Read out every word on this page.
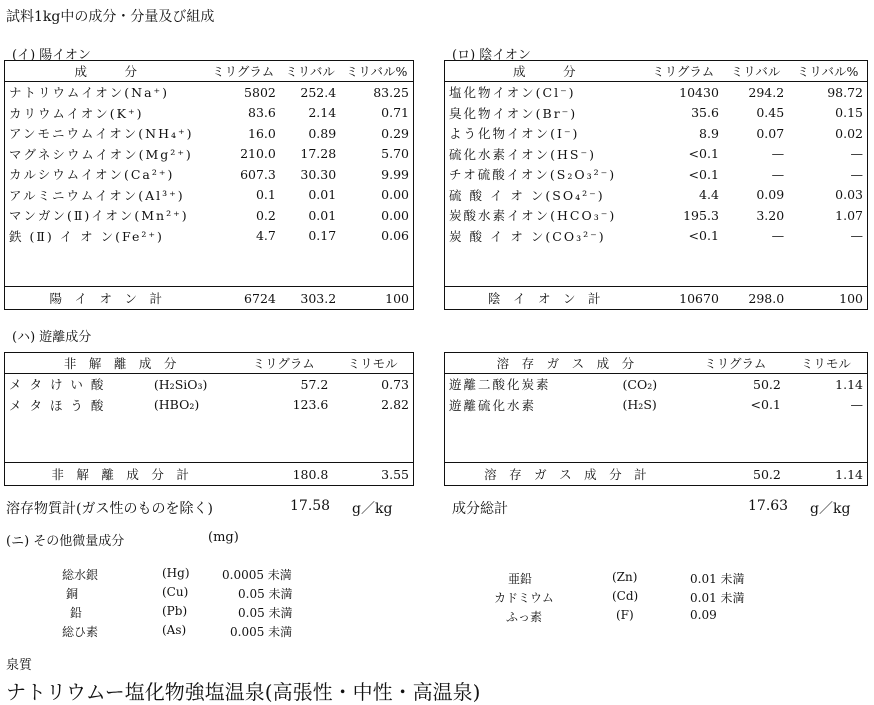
試料1kg中の成分・分量及び組成
(イ) 陽イオン
成　　　分	ミリグラム	ミリバル	ミリバル%
ナトリウムイオン(Na⁺)	5802	252.4	83.25
カリウムイオン(K⁺)	83.6	2.14	0.71
アンモニウムイオン(NH₄⁺)	16.0	0.89	0.29
マグネシウムイオン(Mg²⁺)	210.0	17.28	5.70
カルシウムイオン(Ca²⁺)	607.3	30.30	9.99
アルミニウムイオン(Al³⁺)	0.1	0.01	0.00
マンガン(Ⅱ)イオン(Mn²⁺)	0.2	0.01	0.00
鉄 (Ⅱ) イ オ ン(Fe²⁺)	4.7	0.17	0.06

陽　イ　オ　ン　計	6724	303.2	100
(ロ) 陰イオン
成　　　分	ミリグラム	ミリバル	ミリバル%
塩化物イオン(Cl⁻)	10430	294.2	98.72
臭化物イオン(Br⁻)	35.6	0.45	0.15
よう化物イオン(I⁻)	8.9	0.07	0.02
硫化水素イオン(HS⁻)	<0.1	—	—
チオ硫酸イオン(S₂O₃²⁻)	<0.1	—	—
硫 酸 イ オ ン(SO₄²⁻)	4.4	0.09	0.03
炭酸水素イオン(HCO₃⁻)	195.3	3.20	1.07
炭 酸 イ オ ン(CO₃²⁻)	<0.1	—	—

陰　イ　オ　ン　計	10670	298.0	100
(ハ) 遊離成分
非　解　離　成　分		ミリグラム	ミリモル
メ タ け い 酸	(H₂SiO₃)	57.2	0.73
メ タ ほ う 酸	(HBO₂)	123.6	2.82

非　解　離　成　分　計		180.8	3.55
溶　存　ガ　ス　成　分		ミリグラム	ミリモル
遊離二酸化炭素	(CO₂)	50.2	1.14
遊離硫化水素	(H₂S)	<0.1	—

溶　存　ガ　ス　成　分　計		50.2	1.14
溶存物質計(ガス性のものを除く)	17.58 g／kg	成分総計	17.63 g／kg
(ニ) その他微量成分	(mg)
総水銀	(Hg)	0.0005 未満
銅	(Cu)	0.05 未満
鉛	(Pb)	0.05 未満
総ひ素	(As)	0.005 未満
亜鉛	(Zn)	0.01 未満
カドミウム	(Cd)	0.01 未満
ふっ素	(F)	0.09
泉質
ナトリウムー塩化物強塩温泉(高張性・中性・高温泉)
